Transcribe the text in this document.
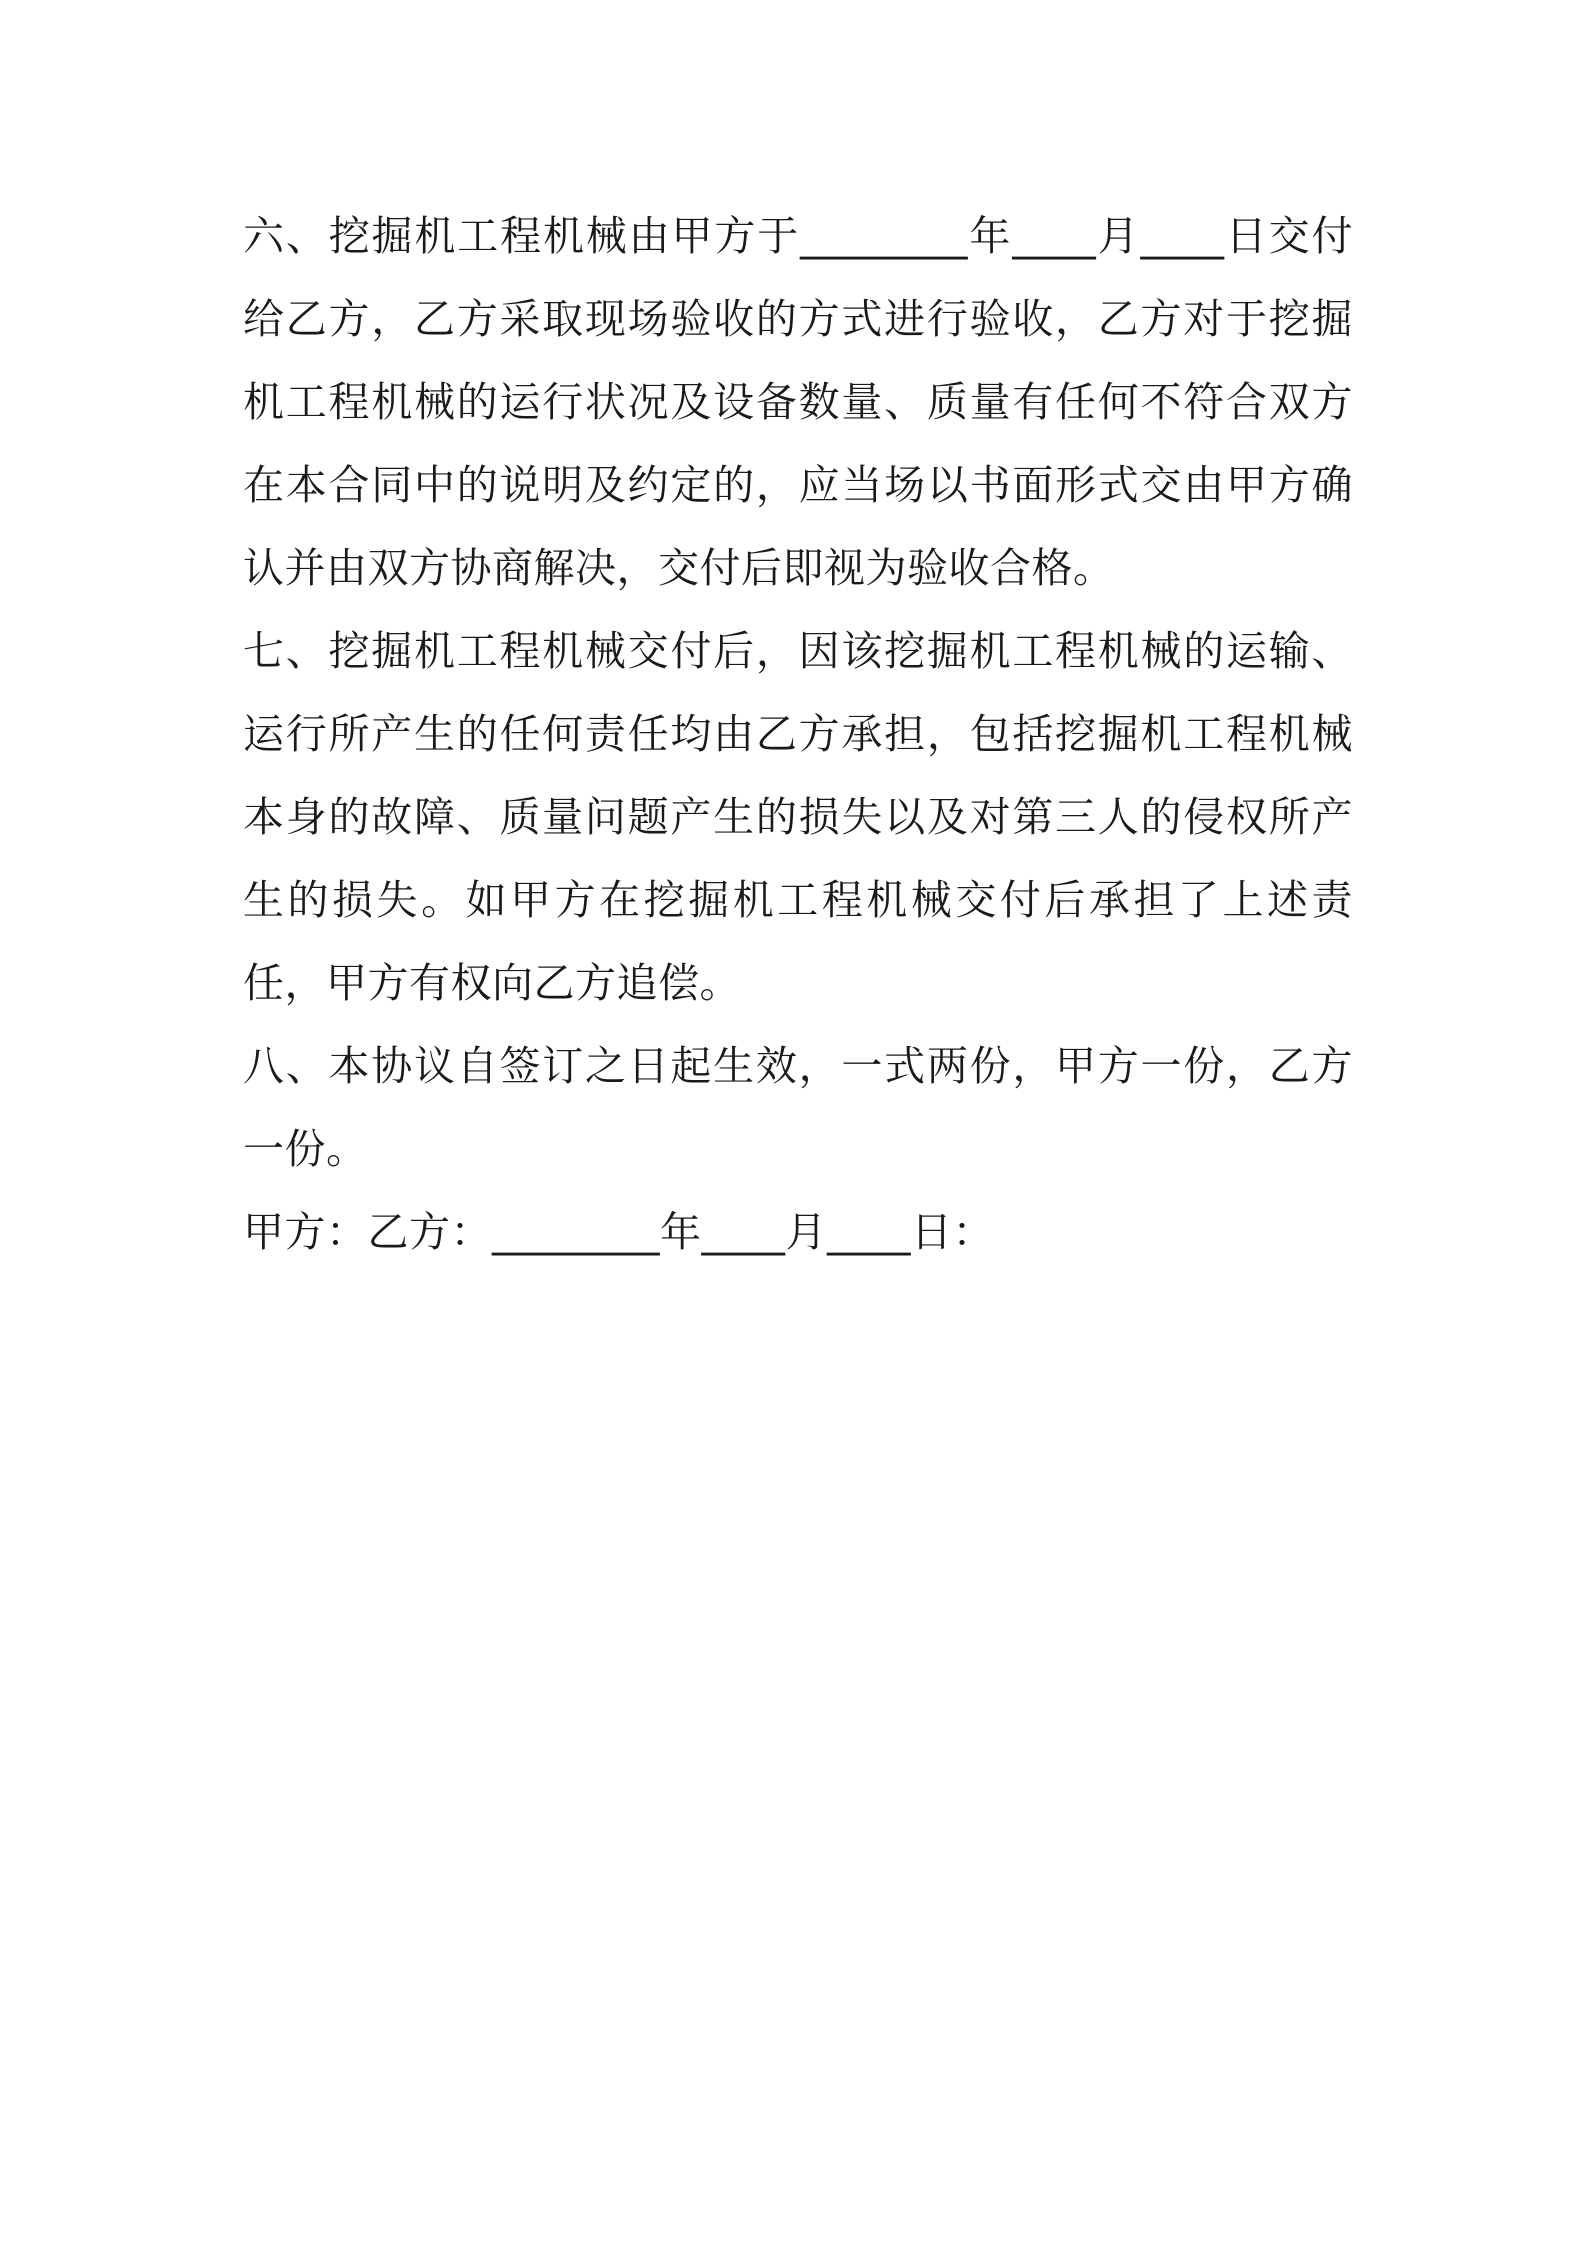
六、挖掘机工程机械由甲方于________年____月____日交付给乙方，乙方采取现场验收的方式进行验收，乙方对于挖掘机工程机械的运行状况及设备数量、质量有任何不符合双方在本合同中的说明及约定的，应当场以书面形式交由甲方确认并由双方协商解决，交付后即视为验收合格。

七、挖掘机工程机械交付后，因该挖掘机工程机械的运输、运行所产生的任何责任均由乙方承担，包括挖掘机工程机械本身的故障、质量问题产生的损失以及对第三人的侵权所产生的损失。如甲方在挖掘机工程机械交付后承担了上述责任，甲方有权向乙方追偿。

八、本协议自签订之日起生效，一式两份，甲方一份，乙方一份。

甲方：乙方：________年____月____日：
